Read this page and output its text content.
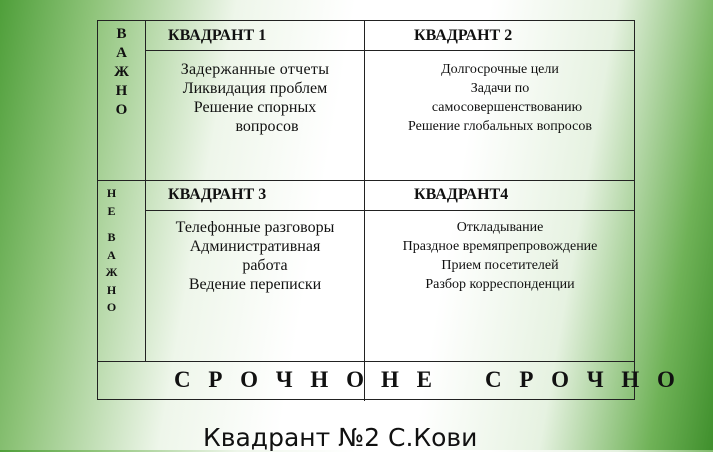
В
А
Ж
Н
О
Н
Е
В
А
Ж
Н
О
КВАДРАНТ 1	КВАДРАНТ 2
КВАДРАНТ 3	КВАДРАНТ4
Задержанные отчеты
Ликвидация проблем
Решение спорных
вопросов
Долгосрочные цели
Задачи по
самосовершенствованию
Решение глобальных вопросов
Телефонные разговоры
Административная
работа
Ведение переписки
Откладывание
Праздное времяпрепровождение
Прием посетителей
Разбор корреспонденции
С Р О Ч Н О Н Е    С Р О Ч Н О
Квадрант №2 С.Кови
